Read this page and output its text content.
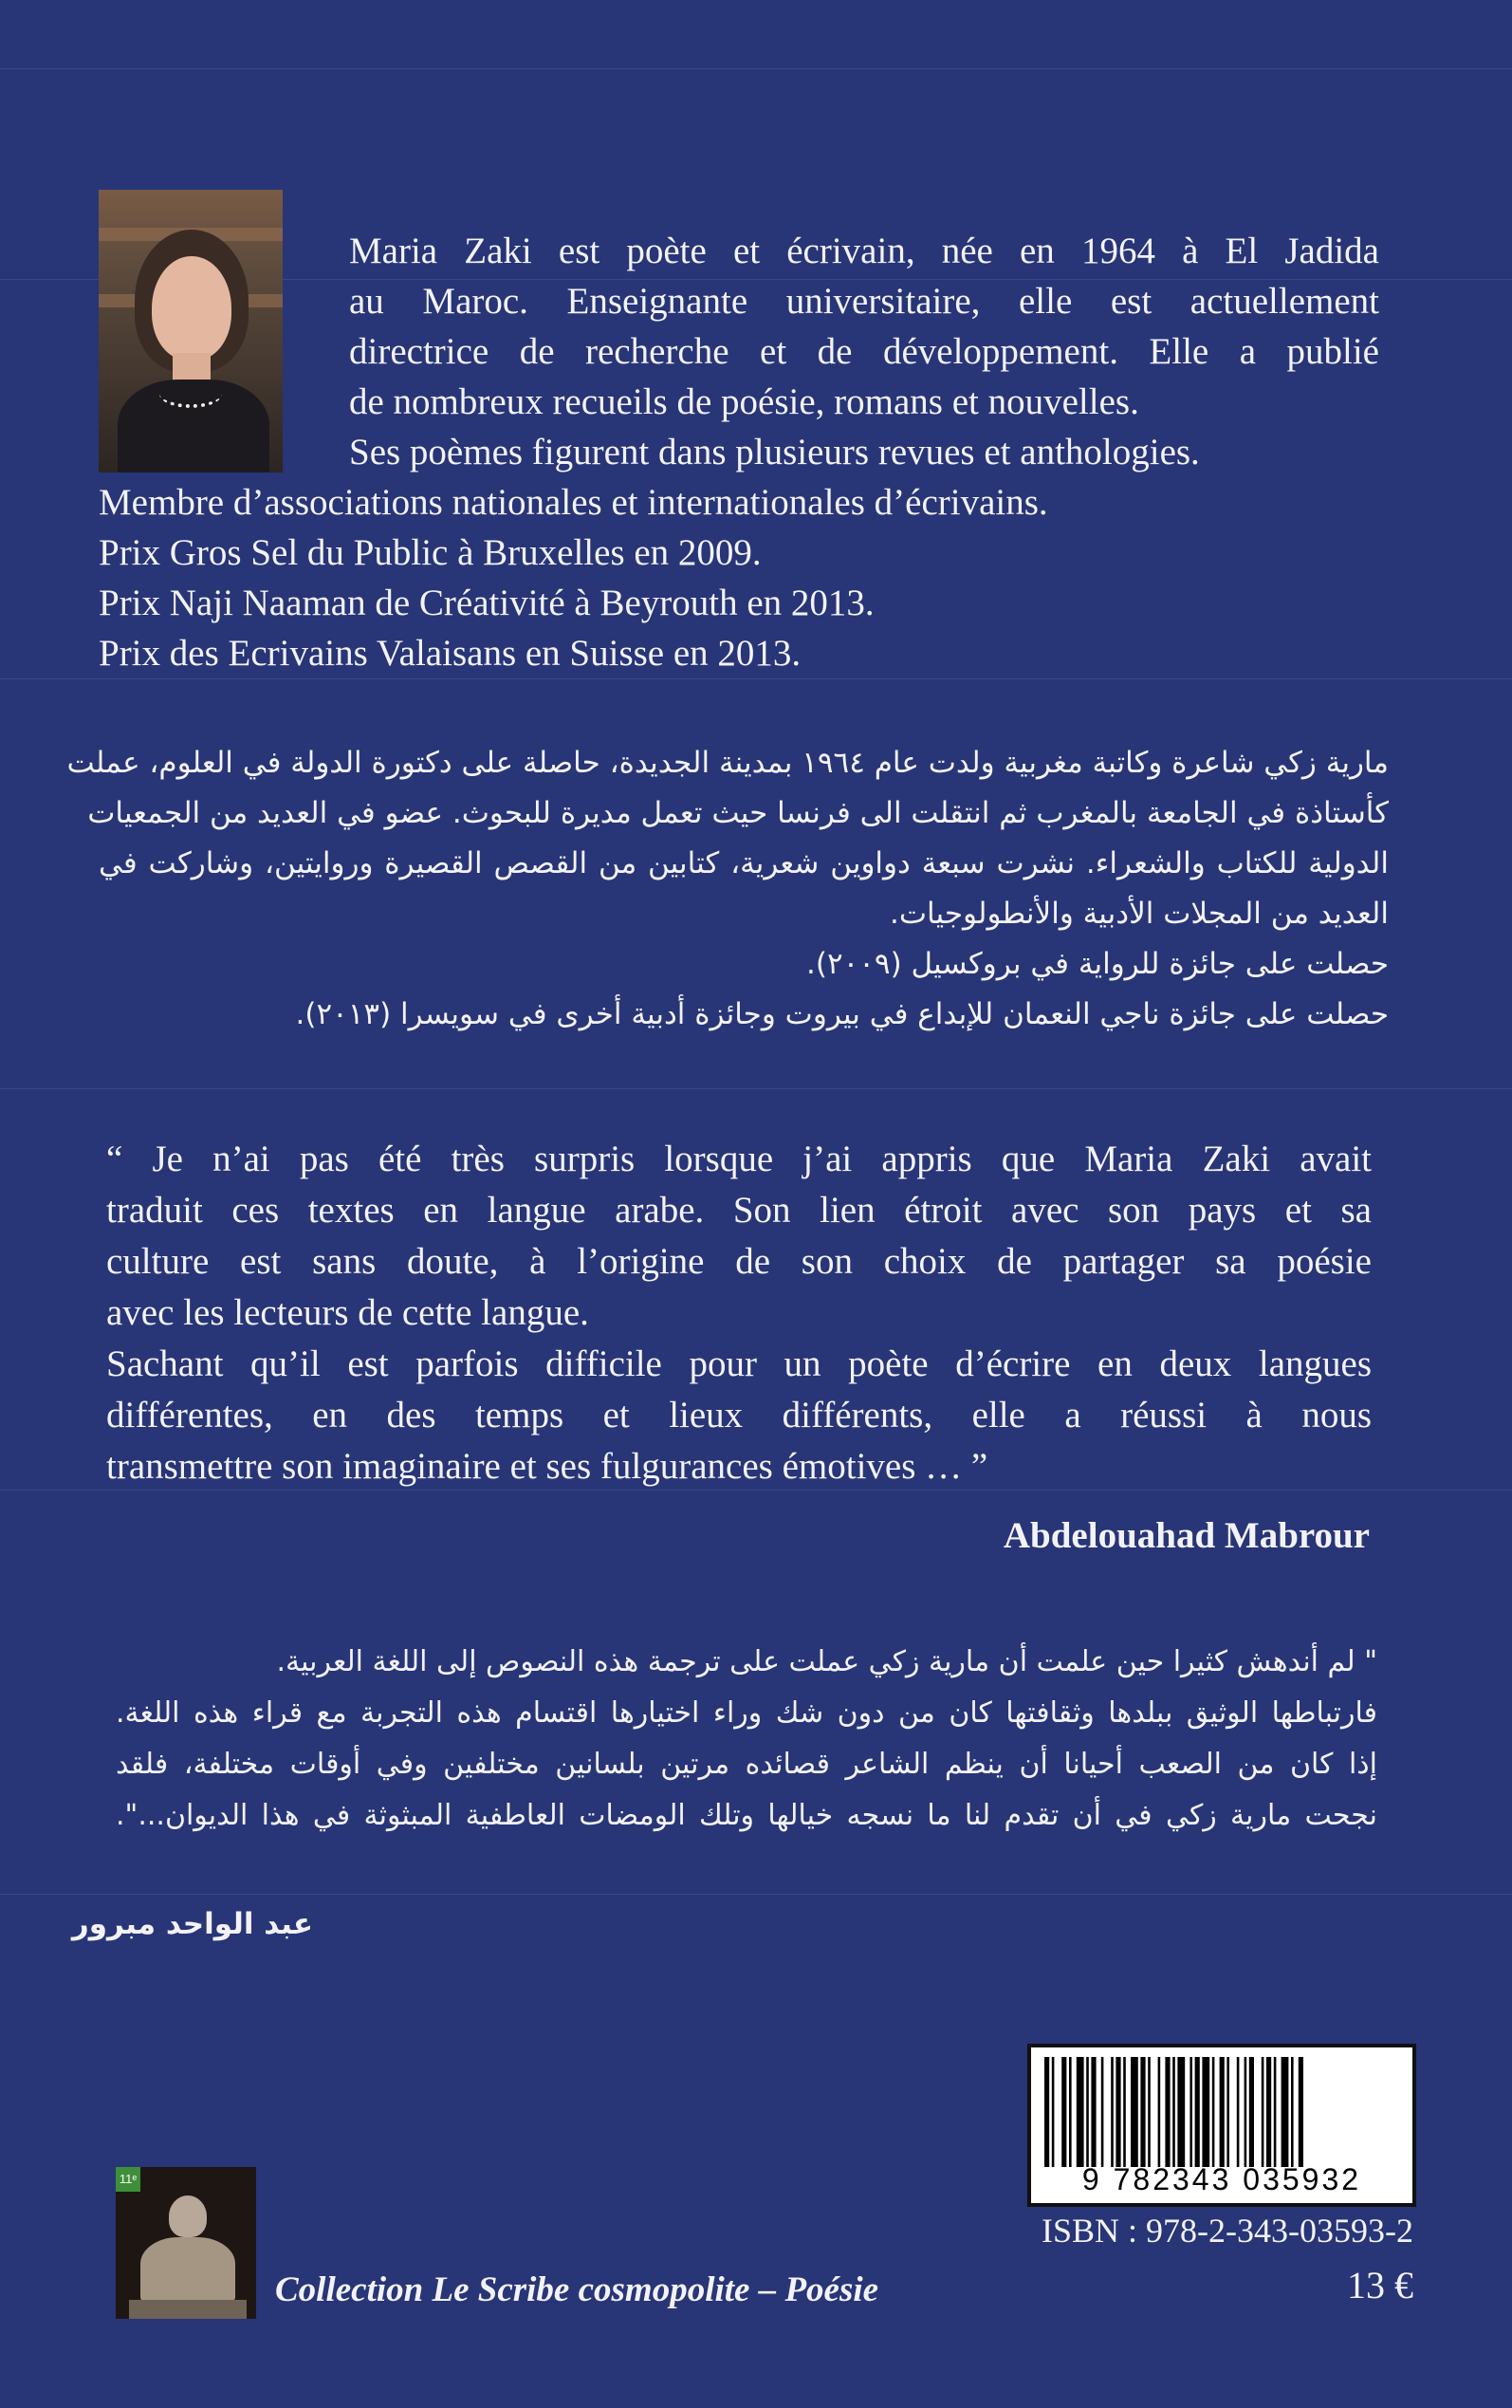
Maria Zaki est poète et écrivain, née en 1964 à El Jadida

au Maroc. Enseignante universitaire, elle est actuellement

directrice de recherche et de développement. Elle a publié

de nombreux recueils de poésie, romans et nouvelles.

Ses poèmes figurent dans plusieurs revues et anthologies.

Membre d’associations nationales et internationales d’écrivains.

Prix Gros Sel du Public à Bruxelles en 2009.

Prix Naji Naaman de Créativité à Beyrouth en 2013.

Prix des Ecrivains Valaisans en Suisse en 2013.

مارية زكي شاعرة وكاتبة مغربية ولدت عام ١٩٦٤ بمدينة الجديدة، حاصلة على دكتورة الدولة في العلوم، عملت
كأستاذة في الجامعة بالمغرب ثم انتقلت الى فرنسا حيث تعمل مديرة للبحوث. عضو في العديد من الجمعيات
الدولية للكتاب والشعراء. نشرت سبعة دواوين شعرية، كتابين من القصص القصيرة وروايتين، وشاركت في
العديد من المجلات الأدبية والأنطولوجيات.
حصلت على جائزة للرواية في بروكسيل (٢٠٠٩).
حصلت على جائزة ناجي النعمان للإبداع في بيروت وجائزة أدبية أخرى في سويسرا (٢٠١٣).

“ Je n’ai pas été très surpris lorsque j’ai appris que Maria Zaki avait

traduit ces textes en langue arabe. Son lien étroit avec son pays et sa

culture est sans doute, à l’origine de son choix de partager sa poésie

avec les lecteurs de cette langue.

Sachant qu’il est parfois difficile pour un poète d’écrire en deux langues

différentes, en des temps et lieux différents, elle a réussi à nous

transmettre son imaginaire et ses fulgurances émotives … ”

Abdelouahad Mabrour

" لم أندهش كثيرا حين علمت أن مارية زكي عملت على ترجمة هذه النصوص إلى اللغة العربية.
فارتباطها الوثيق ببلدها وثقافتها كان من دون شك وراء اختيارها اقتسام هذه التجربة مع قراء هذه اللغة.
إذا كان من الصعب أحيانا أن ينظم الشاعر قصائده مرتين بلسانين مختلفين وفي أوقات مختلفة، فلقد
نجحت مارية زكي في أن تقدم لنا ما نسجه خيالها وتلك الومضات العاطفية المبثوثة في هذا الديوان...".

عبد الواحد مبرور

9 782343 035932

ISBN : 978-2-343-03593-2

13 €

11ᵉ

Collection Le Scribe cosmopolite – Poésie
